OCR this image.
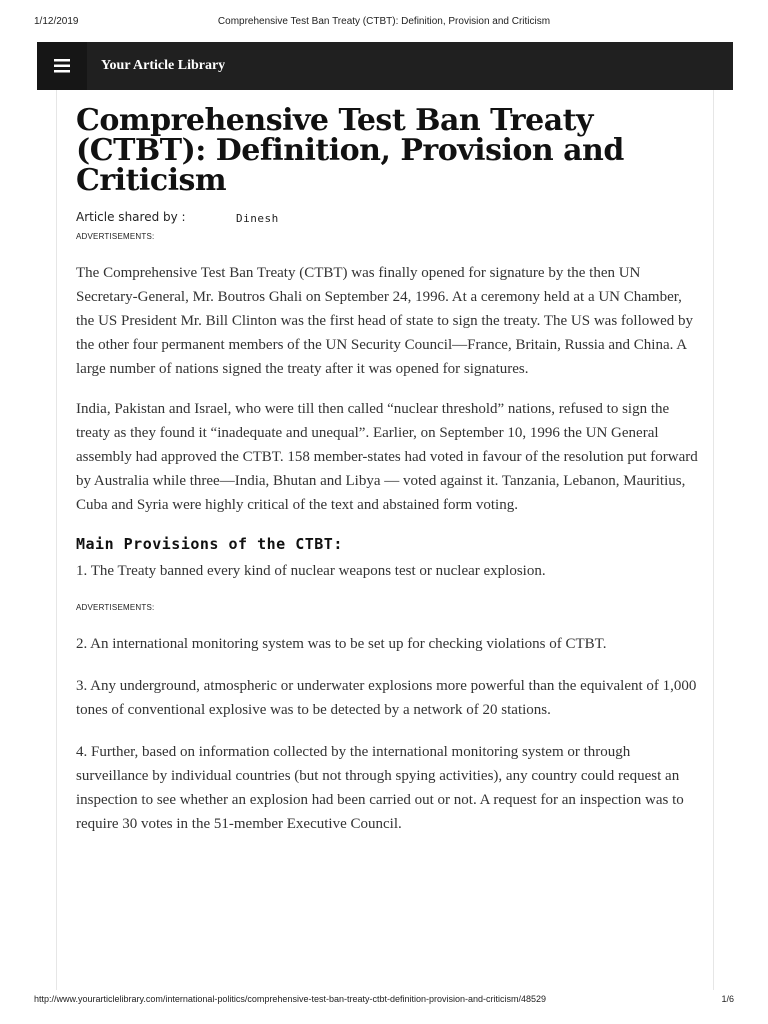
1/12/2019	Comprehensive Test Ban Treaty (CTBT): Definition, Provision and Criticism
Your Article Library
Comprehensive Test Ban Treaty (CTBT): Definition, Provision and Criticism
Article shared by :	Dinesh
ADVERTISEMENTS:

The Comprehensive Test Ban Treaty (CTBT) was finally opened for signature by the then UN Secretary-General, Mr. Boutros Ghali on September 24, 1996. At a ceremony held at a UN Chamber, the US President Mr. Bill Clinton was the first head of state to sign the treaty. The US was followed by the other four permanent members of the UN Security Council—France, Britain, Russia and China. A large number of nations signed the treaty after it was opened for signatures.

India, Pakistan and Israel, who were till then called “nuclear threshold” nations, refused to sign the treaty as they found it “inadequate and unequal”. Earlier, on September 10, 1996 the UN General assembly had approved the CTBT. 158 member-states had voted in favour of the resolution put forward by Australia while three—India, Bhutan and Libya — voted against it. Tanzania, Lebanon, Mauritius, Cuba and Syria were highly critical of the text and abstained form voting.

Main Provisions of the CTBT:

1. The Treaty banned every kind of nuclear weapons test or nuclear explosion.

ADVERTISEMENTS:

2. An international monitoring system was to be set up for checking violations of CTBT.

3. Any underground, atmospheric or underwater explosions more powerful than the equivalent of 1,000 tones of conventional explosive was to be detected by a network of 20 stations.

4. Further, based on information collected by the international monitoring system or through surveillance by individual countries (but not through spying activities), any country could request an inspection to see whether an explosion had been carried out or not. A request for an inspection was to require 30 votes in the 51-member Executive Council.

http://www.yourarticlelibrary.com/international-politics/comprehensive-test-ban-treaty-ctbt-definition-provision-and-criticism/48529	1/6
